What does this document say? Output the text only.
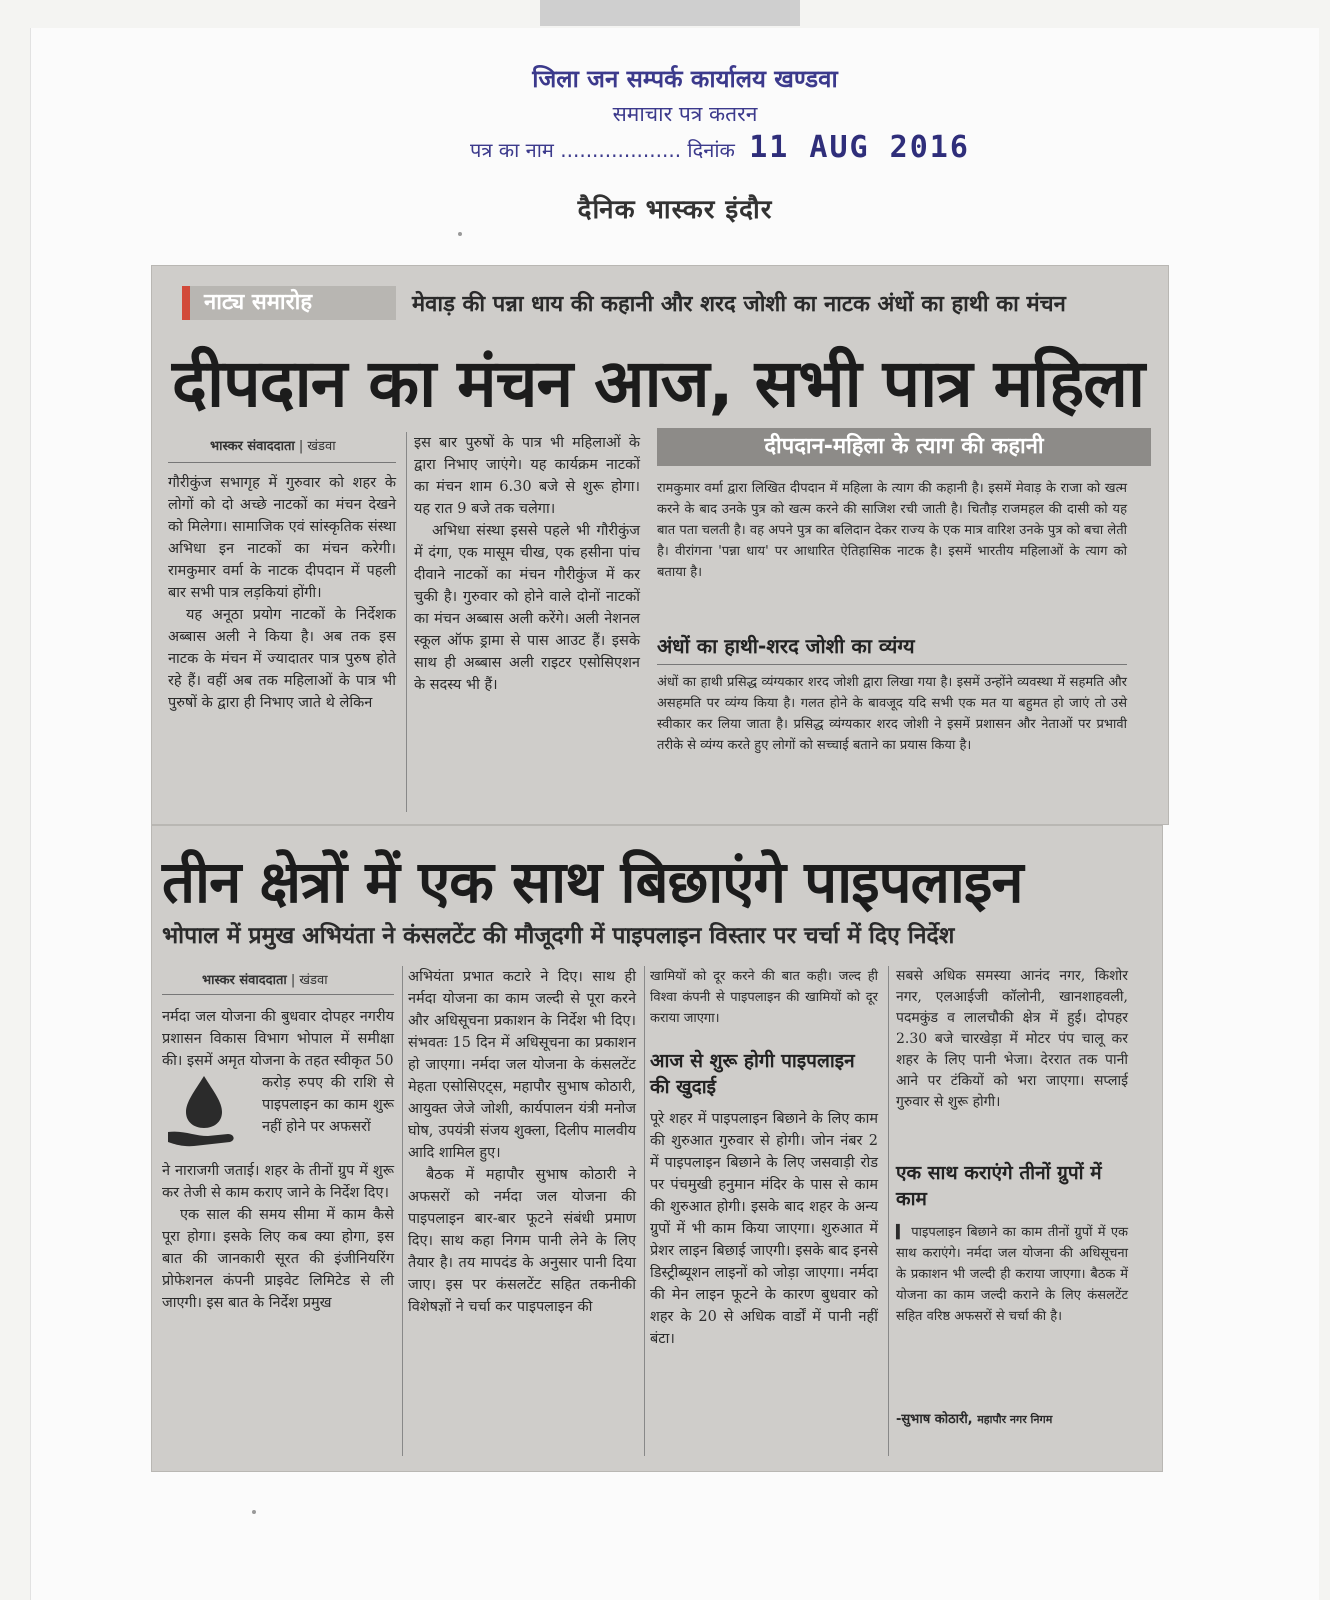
जिला जन सम्पर्क कार्यालय खण्डवा
समाचार पत्र कतरन
पत्र का नाम ................... दिनांक 11 AUG 2016
दैनिक भास्कर इंदौर
नाट्य समारोह	मेवाड़ की पन्ना धाय की कहानी और शरद जोशी का नाटक अंधों का हाथी का मंचन
दीपदान का मंचन आज, सभी पात्र महिला
भास्कर संवाददाता | खंडवा

गौरीकुंज सभागृह में गुरुवार को शहर के लोगों को दो अच्छे नाटकों का मंचन देखने को मिलेगा। सामाजिक एवं सांस्कृतिक संस्था अभिधा इन नाटकों का मंचन करेगी। रामकुमार वर्मा के नाटक दीपदान में पहली बार सभी पात्र लड़कियां होंगी।

यह अनूठा प्रयोग नाटकों के निर्देशक अब्बास अली ने किया है। अब तक इस नाटक के मंचन में ज्यादातर पात्र पुरुष होते रहे हैं। वहीं अब तक महिलाओं के पात्र भी पुरुषों के द्वारा ही निभाए जाते थे लेकिन

इस बार पुरुषों के पात्र भी महिलाओं के द्वारा निभाए जाएंगे। यह कार्यक्रम नाटकों का मंचन शाम 6.30 बजे से शुरू होगा। यह रात 9 बजे तक चलेगा।

अभिधा संस्था इससे पहले भी गौरीकुंज में दंगा, एक मासूम चीख, एक हसीना पांच दीवाने नाटकों का मंचन गौरीकुंज में कर चुकी है। गुरुवार को होने वाले दोनों नाटकों का मंचन अब्बास अली करेंगे। अली नेशनल स्कूल ऑफ ड्रामा से पास आउट हैं। इसके साथ ही अब्बास अली राइटर एसोसिएशन के सदस्य भी हैं।

दीपदान-महिला के त्याग की कहानी
रामकुमार वर्मा द्वारा लिखित दीपदान में महिला के त्याग की कहानी है। इसमें मेवाड़ के राजा को खत्म करने के बाद उनके पुत्र को खत्म करने की साजिश रची जाती है। चितौड़ राजमहल की दासी को यह बात पता चलती है। वह अपने पुत्र का बलिदान देकर राज्य के एक मात्र वारिश उनके पुत्र को बचा लेती है। वीरांगना 'पन्ना धाय' पर आधारित ऐतिहासिक नाटक है। इसमें भारतीय महिलाओं के त्याग को बताया है।
अंधों का हाथी-शरद जोशी का व्यंग्य
अंधों का हाथी प्रसिद्ध व्यंग्यकार शरद जोशी द्वारा लिखा गया है। इसमें उन्होंने व्यवस्था में सहमति और असहमति पर व्यंग्य किया है। गलत होने के बावजूद यदि सभी एक मत या बहुमत हो जाएं तो उसे स्वीकार कर लिया जाता है। प्रसिद्ध व्यंग्यकार शरद जोशी ने इसमें प्रशासन और नेताओं पर प्रभावी तरीके से व्यंग्य करते हुए लोगों को सच्चाई बताने का प्रयास किया है।
तीन क्षेत्रों में एक साथ बिछाएंगे पाइपलाइन
भोपाल में प्रमुख अभियंता ने कंसलटेंट की मौजूदगी में पाइपलाइन विस्तार पर चर्चा में दिए निर्देश
भास्कर संवाददाता | खंडवा

नर्मदा जल योजना की बुधवार दोपहर नगरीय प्रशासन विकास विभाग भोपाल में समीक्षा की। इसमें अमृत योजना के तहत स्वीकृत 50

करोड़ रुपए की राशि से पाइपलाइन का काम शुरू नहीं होने पर अफसरों

ने नाराजगी जताई। शहर के तीनों ग्रुप में शुरू कर तेजी से काम कराए जाने के निर्देश दिए।

एक साल की समय सीमा में काम कैसे पूरा होगा। इसके लिए कब क्या होगा, इस बात की जानकारी सूरत की इंजीनियरिंग प्रोफेशनल कंपनी प्राइवेट लिमिटेड से ली जाएगी। इस बात के निर्देश प्रमुख

अभियंता प्रभात कटारे ने दिए। साथ ही नर्मदा योजना का काम जल्दी से पूरा करने और अधिसूचना प्रकाशन के निर्देश भी दिए। संभवतः 15 दिन में अधिसूचना का प्रकाशन हो जाएगा। नर्मदा जल योजना के कंसलटेंट मेहता एसोसिएट्स, महापौर सुभाष कोठारी, आयुक्त जेजे जोशी, कार्यपालन यंत्री मनोज घोष, उपयंत्री संजय शुक्ला, दिलीप मालवीय आदि शामिल हुए।

बैठक में महापौर सुभाष कोठारी ने अफसरों को नर्मदा जल योजना की पाइपलाइन बार-बार फूटने संबंधी प्रमाण दिए। साथ कहा निगम पानी लेने के लिए तैयार है। तय मापदंड के अनुसार पानी दिया जाए। इस पर कंसलटेंट सहित तकनीकी विशेषज्ञों ने चर्चा कर पाइपलाइन की

खामियों को दूर करने की बात कही। जल्द ही विश्वा कंपनी से पाइपलाइन की खामियों को दूर कराया जाएगा।
आज से शुरू होगी पाइपलाइन की खुदाई
पूरे शहर में पाइपलाइन बिछाने के लिए काम की शुरुआत गुरुवार से होगी। जोन नंबर 2 में पाइपलाइन बिछाने के लिए जसवाड़ी रोड पर पंचमुखी हनुमान मंदिर के पास से काम की शुरुआत होगी। इसके बाद शहर के अन्य ग्रुपों में भी काम किया जाएगा। शुरुआत में प्रेशर लाइन बिछाई जाएगी। इसके बाद इनसे डिस्ट्रीब्यूशन लाइनों को जोड़ा जाएगा। नर्मदा की मेन लाइन फूटने के कारण बुधवार को शहर के 20 से अधिक वार्डों में पानी नहीं बंटा।
सबसे अधिक समस्या आनंद नगर, किशोर नगर, एलआईजी कॉलोनी, खानशाहवली, पदमकुंड व लालचौकी क्षेत्र में हुई। दोपहर 2.30 बजे चारखेड़ा में मोटर पंप चालू कर शहर के लिए पानी भेजा। देररात तक पानी आने पर टंकियों को भरा जाएगा। सप्लाई गुरुवार से शुरू होगी।
एक साथ कराएंगे तीनों ग्रुपों में काम
▍ पाइपलाइन बिछाने का काम तीनों ग्रुपों में एक साथ कराएंगे। नर्मदा जल योजना की अधिसूचना के प्रकाशन भी जल्दी ही कराया जाएगा। बैठक में योजना का काम जल्दी कराने के लिए कंसलटेंट सहित वरिष्ठ अफसरों से चर्चा की है।
-सुभाष कोठारी, महापौर नगर निगम
